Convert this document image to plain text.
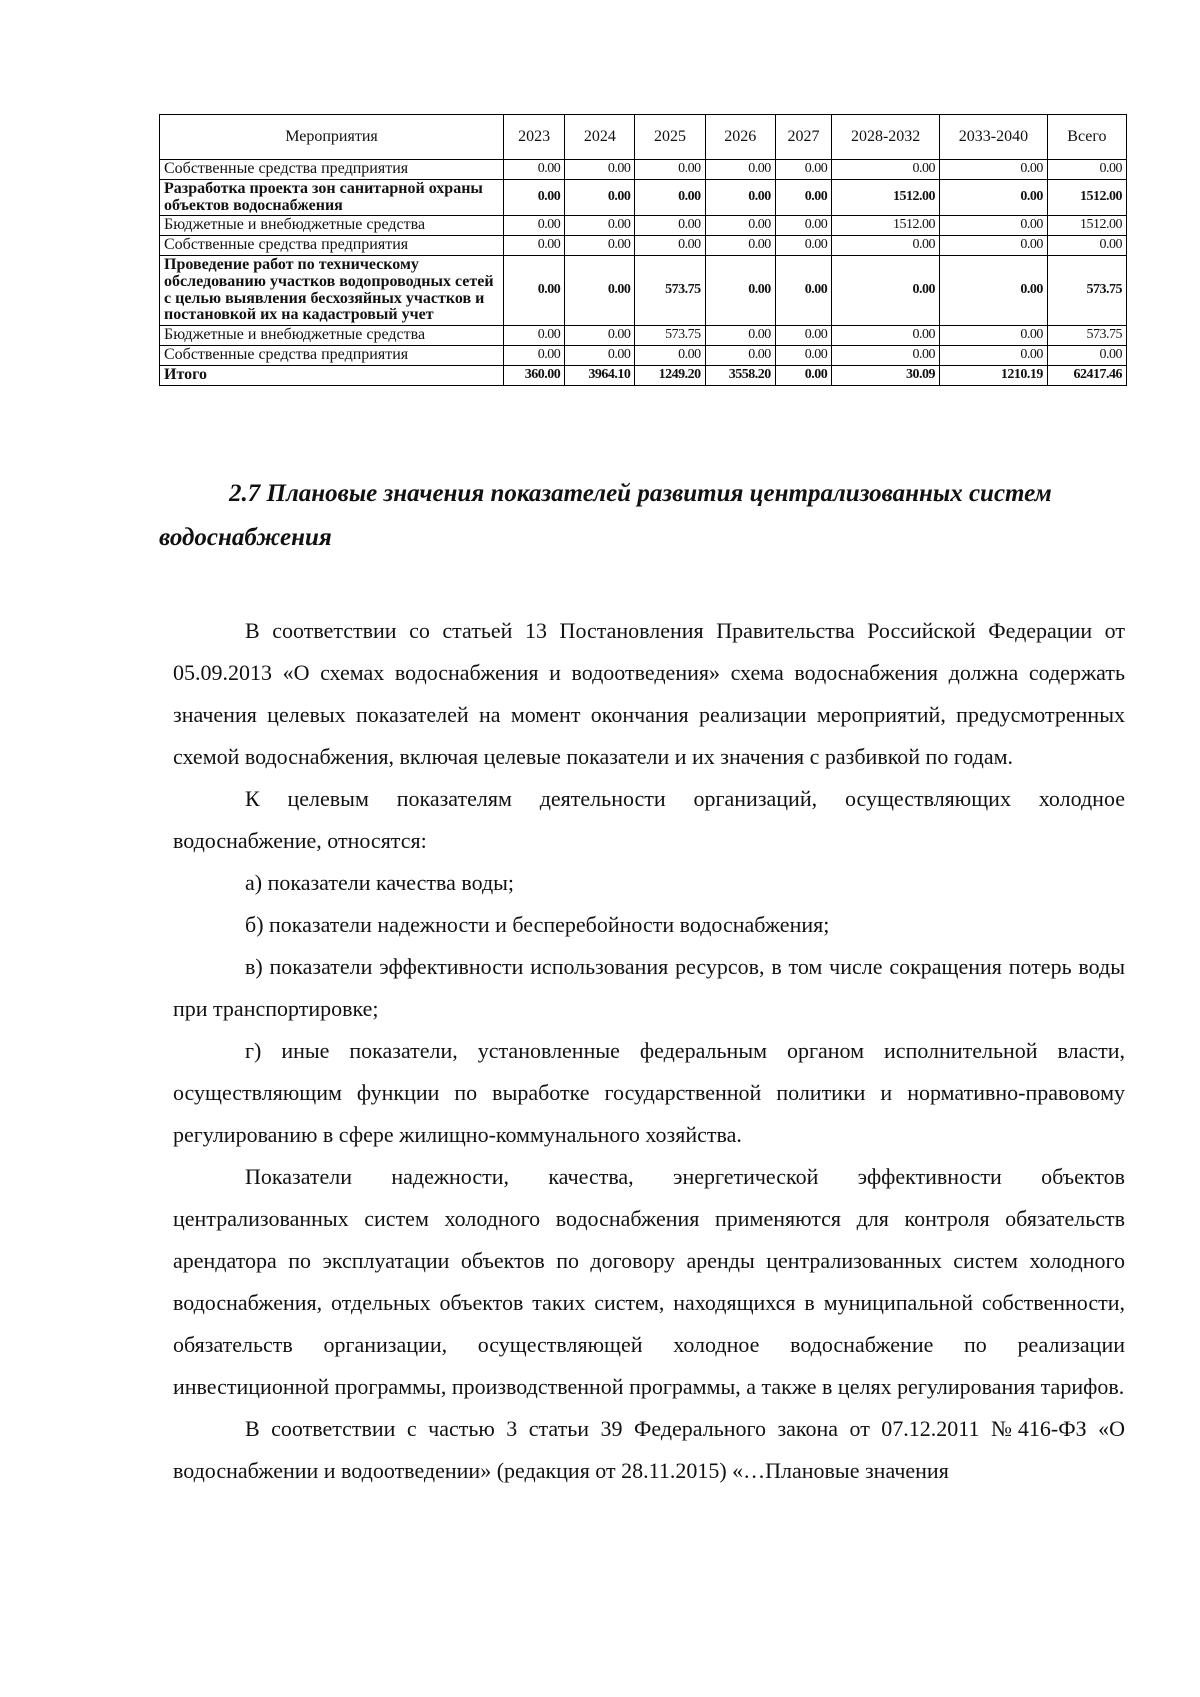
Мероприятия	2023	2024	2025	2026	2027	2028-2032	2033-2040	Всего
Собственные средства предприятия	0.00	0.00	0.00	0.00	0.00	0.00	0.00	0.00
Разработка проекта зон санитарной охраны объектов водоснабжения	0.00	0.00	0.00	0.00	0.00	1512.00	0.00	1512.00
Бюджетные и внебюджетные средства	0.00	0.00	0.00	0.00	0.00	1512.00	0.00	1512.00
Собственные средства предприятия	0.00	0.00	0.00	0.00	0.00	0.00	0.00	0.00
Проведение работ по техническому обследованию участков водопроводных сетей с целью выявления бесхозяйных участков и постановкой их на кадастровый учет	0.00	0.00	573.75	0.00	0.00	0.00	0.00	573.75
Бюджетные и внебюджетные средства	0.00	0.00	573.75	0.00	0.00	0.00	0.00	573.75
Собственные средства предприятия	0.00	0.00	0.00	0.00	0.00	0.00	0.00	0.00
Итого	360.00	3964.10	1249.20	3558.20	0.00	30.09	1210.19	62417.46
2.7 Плановые значения показателей развития централизованных систем
водоснабжения

В соответствии со статьей 13 Постановления Правительства Российской Федерации от 05.09.2013 «О схемах водоснабжения и водоотведения» схема водоснабжения должна содержать значения целевых показателей на момент окончания реализации мероприятий, предусмотренных схемой водоснабжения, включая целевые показатели и их значения с разбивкой по годам.

К целевым показателям деятельности организаций, осуществляющих холодное водоснабжение, относятся:

а) показатели качества воды;

б) показатели надежности и бесперебойности водоснабжения;

в) показатели эффективности использования ресурсов, в том числе сокращения потерь воды при транспортировке;

г) иные показатели, установленные федеральным органом исполнительной власти, осуществляющим функции по выработке государственной политики и нормативно-правовому регулированию в сфере жилищно-коммунального хозяйства.

Показатели надежности, качества, энергетической эффективности объектов централизованных систем холодного водоснабжения применяются для контроля обязательств арендатора по эксплуатации объектов по договору аренды централизованных систем холодного водоснабжения, отдельных объектов таких систем, находящихся в муниципальной собственности, обязательств организации, осуществляющей холодное водоснабжение по реализации инвестиционной программы, производственной программы, а также в целях регулирования тарифов.

В соответствии с частью 3 статьи 39 Федерального закона от 07.12.2011 №416-ФЗ «О водоснабжении и водоотведении» (редакция от 28.11.2015) «…Плановые значения
